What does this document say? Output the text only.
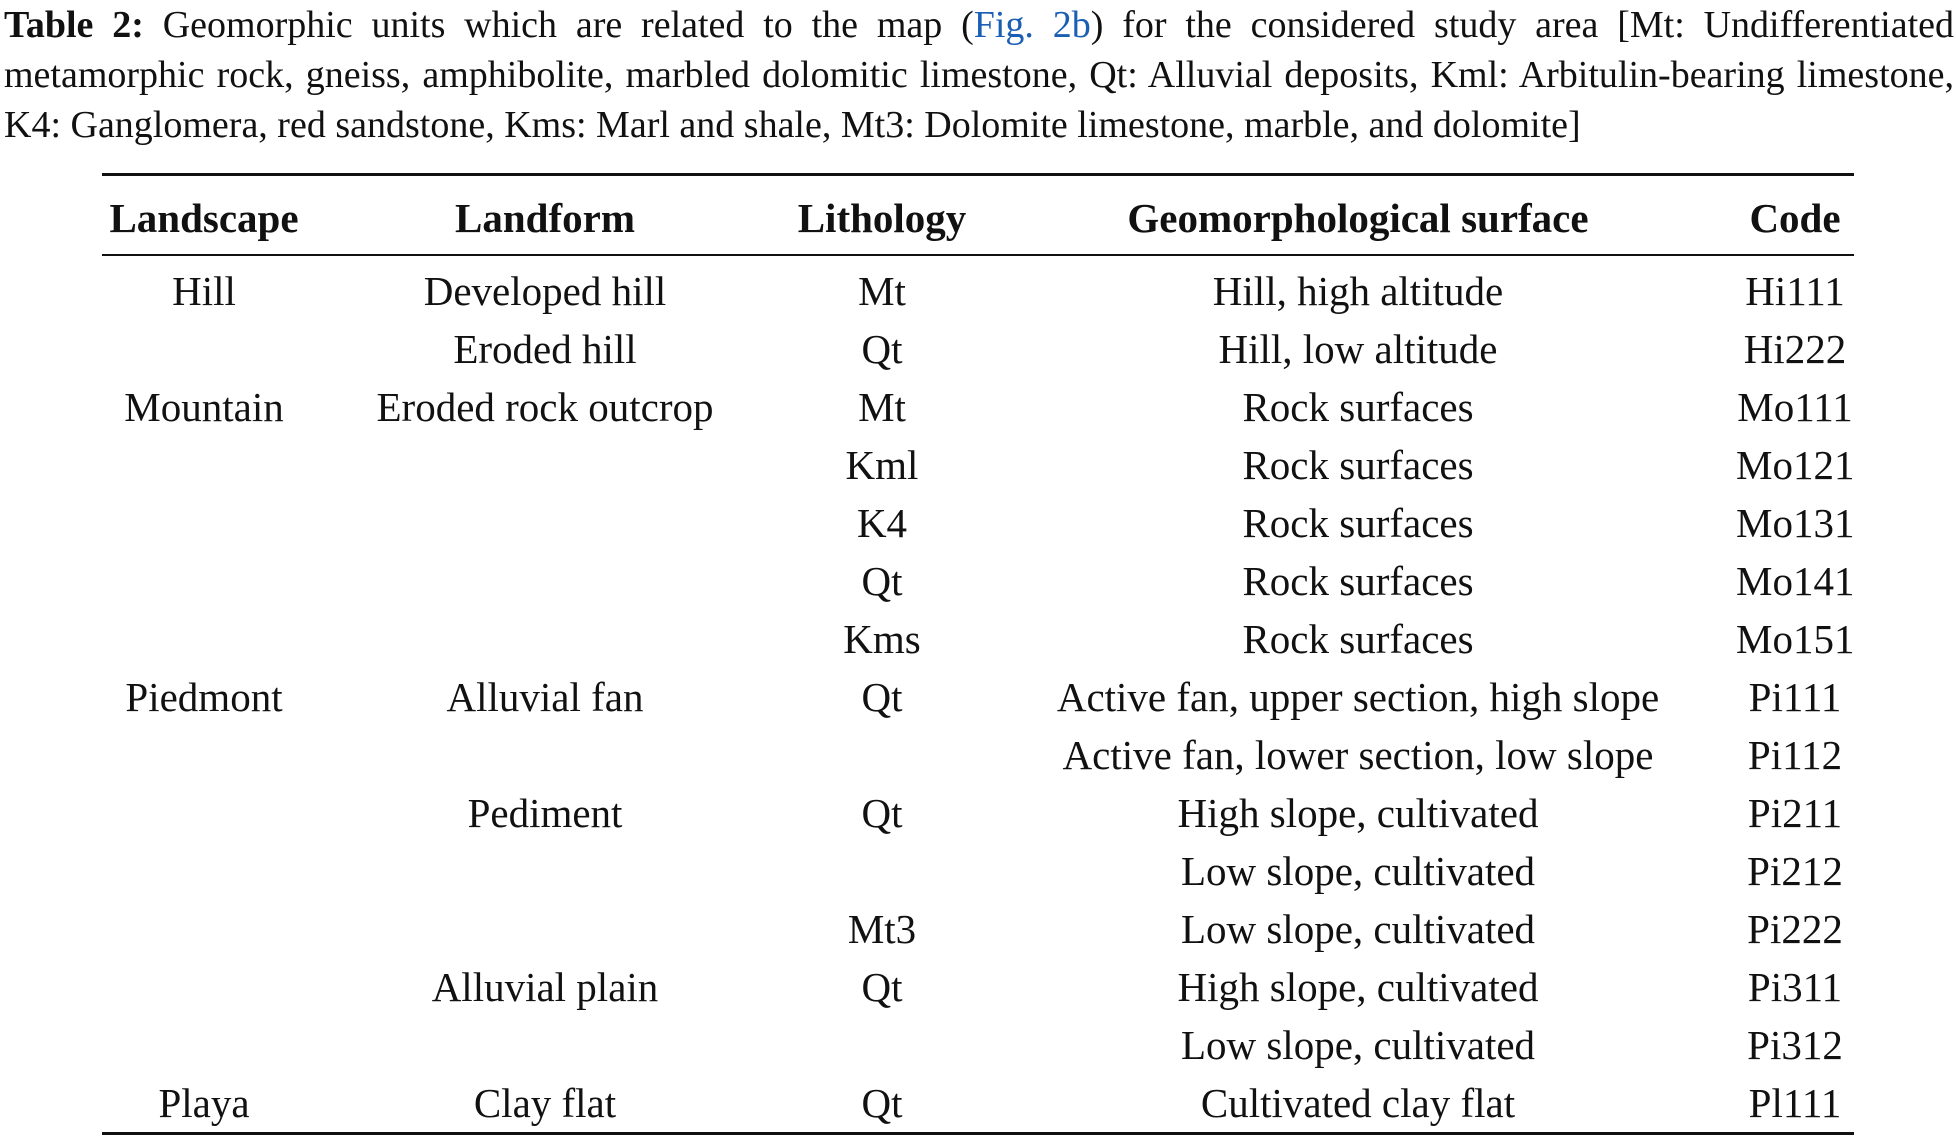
Table 2: Geomorphic units which are related to the map (Fig. 2b) for the considered study area [Mt: Undifferentiated metamorphic rock, gneiss, amphibolite, marbled dolomitic limestone, Qt: Alluvial deposits, Kml: Arbitulin-bearing limestone, K4: Ganglomera, red sandstone, Kms: Marl and shale, Mt3: Dolomite limestone, marble, and dolomite]
Landscape	Landform	Lithology	Geomorphological surface	Code
Hill	Developed hill	Mt	Hill, high altitude	Hi111
	Eroded hill	Qt	Hill, low altitude	Hi222
Mountain	Eroded rock outcrop	Mt	Rock surfaces	Mo111
		Kml	Rock surfaces	Mo121
		K4	Rock surfaces	Mo131
		Qt	Rock surfaces	Mo141
		Kms	Rock surfaces	Mo151
Piedmont	Alluvial fan	Qt	Active fan, upper section, high slope	Pi111
			Active fan, lower section, low slope	Pi112
	Pediment	Qt	High slope, cultivated	Pi211
			Low slope, cultivated	Pi212
		Mt3	Low slope, cultivated	Pi222
	Alluvial plain	Qt	High slope, cultivated	Pi311
			Low slope, cultivated	Pi312
Playa	Clay flat	Qt	Cultivated clay flat	Pl111
